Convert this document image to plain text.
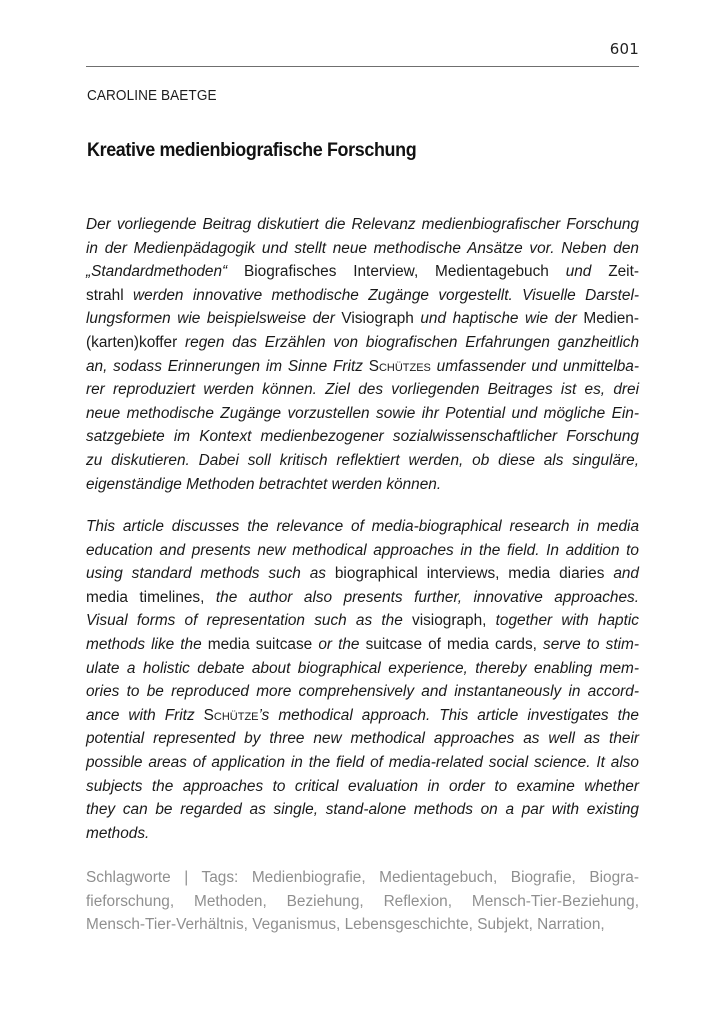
601
CAROLINE BAETGE
Kreative medienbiografische Forschung
Der vorliegende Beitrag diskutiert die Relevanz medienbiografischer Forschung
in der Medienpädagogik und stellt neue methodische Ansätze vor. Neben den
„Standardmethoden“ Biografisches Interview, Medientagebuch und Zeit-
strahl werden innovative methodische Zugänge vorgestellt. Visuelle Darstel-
lungsformen wie beispielsweise der Visiograph und haptische wie der Medien-
(karten)koffer regen das Erzählen von biografischen Erfahrungen ganzheitlich
an, sodass Erinnerungen im Sinne Fritz Schützes umfassender und unmittelba-
rer reproduziert werden können. Ziel des vorliegenden Beitrages ist es, drei
neue methodische Zugänge vorzustellen sowie ihr Potential und mögliche Ein-
satzgebiete im Kontext medienbezogener sozialwissenschaftlicher Forschung
zu diskutieren. Dabei soll kritisch reflektiert werden, ob diese als singuläre,
eigenständige Methoden betrachtet werden können.
This article discusses the relevance of media-biographical research in media
education and presents new methodical approaches in the field. In addition to
using standard methods such as biographical interviews, media diaries and
media timelines, the author also presents further, innovative approaches.
Visual forms of representation such as the visiograph, together with haptic
methods like the media suitcase or the suitcase of media cards, serve to stim-
ulate a holistic debate about biographical experience, thereby enabling mem-
ories to be reproduced more comprehensively and instantaneously in accord-
ance with Fritz Schütze’s methodical approach. This article investigates the
potential represented by three new methodical approaches as well as their
possible areas of application in the field of media-related social science. It also
subjects the approaches to critical evaluation in order to examine whether
they can be regarded as single, stand-alone methods on a par with existing
methods.
Schlagworte | Tags: Medienbiografie, Medientagebuch, Biografie, Biogra-
fieforschung, Methoden, Beziehung, Reflexion, Mensch-Tier-Beziehung,
Mensch-Tier-Verhältnis, Veganismus, Lebensgeschichte, Subjekt, Narration,
